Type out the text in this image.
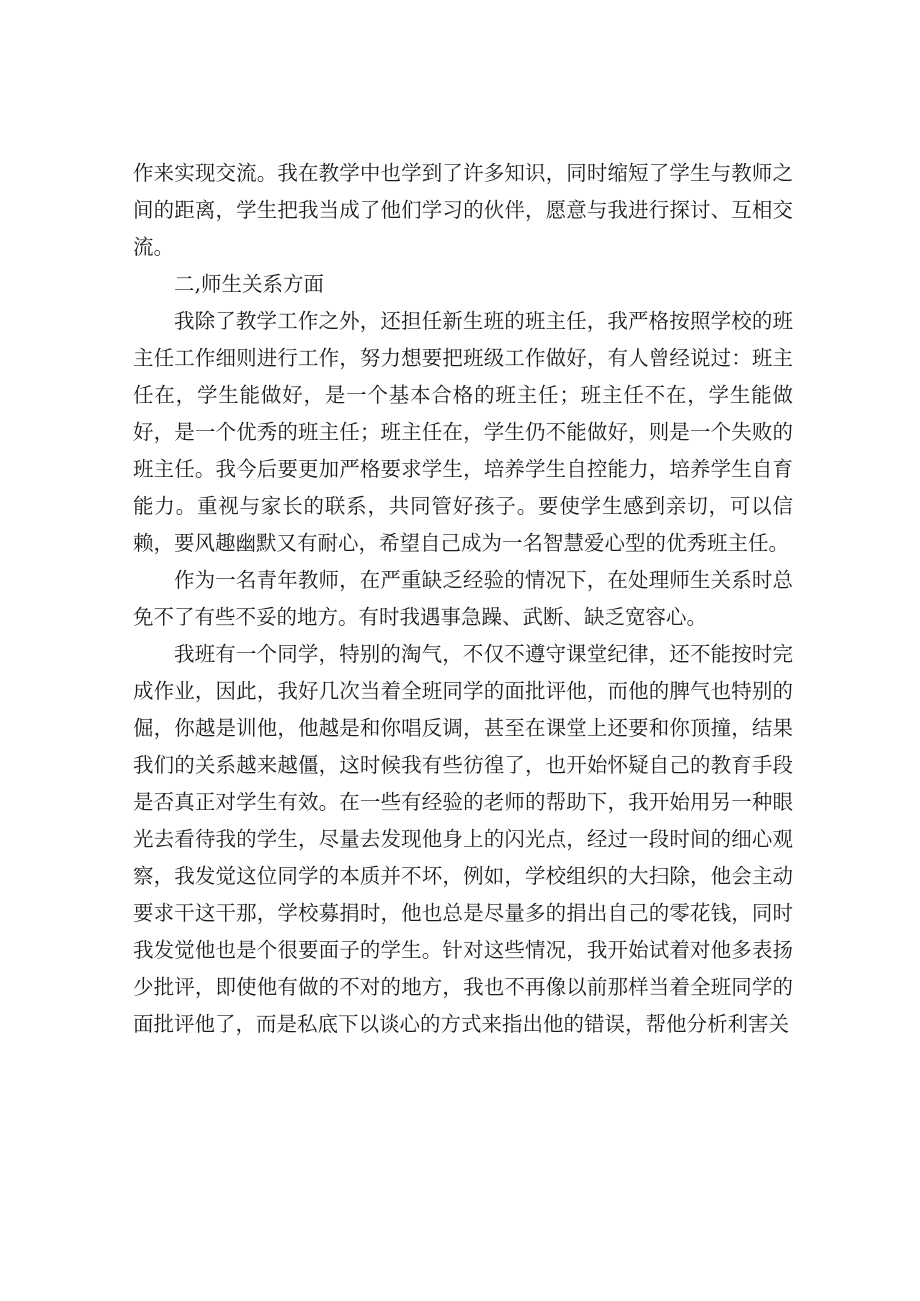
作来实现交流。我在教学中也学到了许多知识，同时缩短了学生与教师之间的距离，学生把我当成了他们学习的伙伴，愿意与我进行探讨、互相交流。

二,师生关系方面

我除了教学工作之外，还担任新生班的班主任，我严格按照学校的班主任工作细则进行工作，努力想要把班级工作做好，有人曾经说过：班主任在，学生能做好，是一个基本合格的班主任；班主任不在，学生能做好，是一个优秀的班主任；班主任在，学生仍不能做好，则是一个失败的班主任。我今后要更加严格要求学生，培养学生自控能力，培养学生自育能力。重视与家长的联系，共同管好孩子。要使学生感到亲切，可以信赖，要风趣幽默又有耐心，希望自己成为一名智慧爱心型的优秀班主任。

作为一名青年教师，在严重缺乏经验的情况下，在处理师生关系时总免不了有些不妥的地方。有时我遇事急躁、武断、缺乏宽容心。

我班有一个同学，特别的淘气，不仅不遵守课堂纪律，还不能按时完成作业，因此，我好几次当着全班同学的面批评他，而他的脾气也特别的倔，你越是训他，他越是和你唱反调，甚至在课堂上还要和你顶撞，结果我们的关系越来越僵，这时候我有些彷徨了，也开始怀疑自己的教育手段是否真正对学生有效。在一些有经验的老师的帮助下，我开始用另一种眼光去看待我的学生，尽量去发现他身上的闪光点，经过一段时间的细心观察，我发觉这位同学的本质并不坏，例如，学校组织的大扫除，他会主动要求干这干那，学校募捐时，他也总是尽量多的捐出自己的零花钱，同时我发觉他也是个很要面子的学生。针对这些情况，我开始试着对他多表扬少批评，即使他有做的不对的地方，我也不再像以前那样当着全班同学的面批评他了，而是私底下以谈心的方式来指出他的错误，帮他分析利害关
